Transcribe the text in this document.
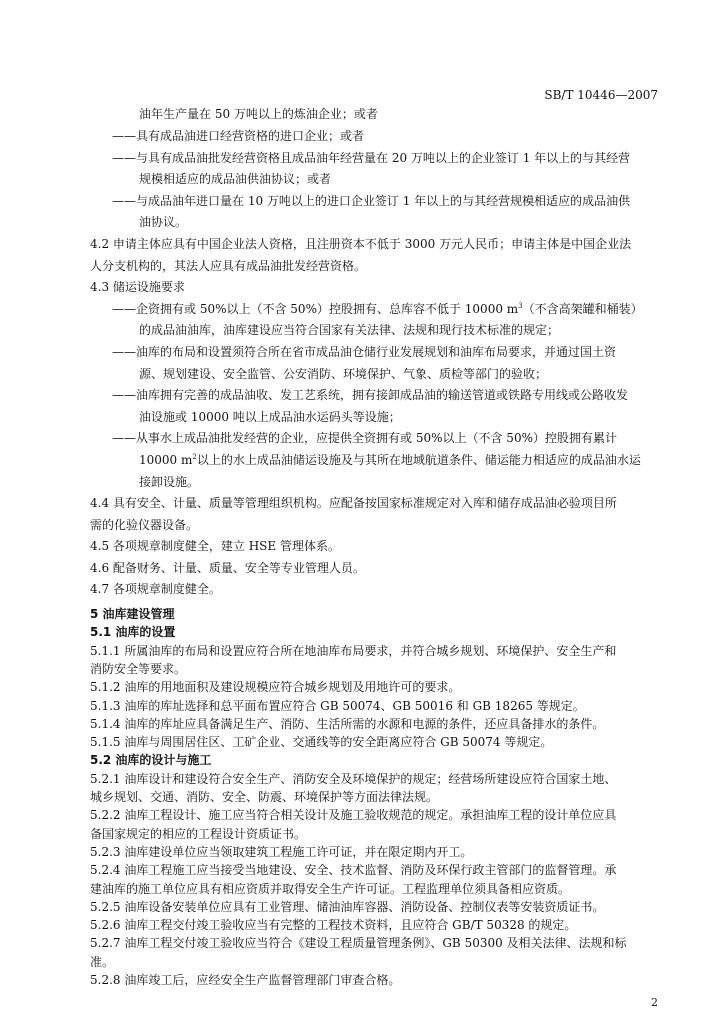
SB/T 10446—2007
油年生产量在 50 万吨以上的炼油企业；或者
——具有成品油进口经营资格的进口企业；或者
——与具有成品油批发经营资格且成品油年经营量在 20 万吨以上的企业签订 1 年以上的与其经营
规模相适应的成品油供油协议；或者
——与成品油年进口量在 10 万吨以上的进口企业签订 1 年以上的与其经营规模相适应的成品油供
油协议。
4.2 申请主体应具有中国企业法人资格，且注册资本不低于 3000 万元人民币；申请主体是中国企业法
人分支机构的，其法人应具有成品油批发经营资格。
4.3 储运设施要求
——企资拥有或 50%以上（不含 50%）控股拥有、总库容不低于 10000 $m^3$（不含高架罐和桶装）
的成品油油库，油库建设应当符合国家有关法律、法规和现行技术标准的规定；
——油库的布局和设置须符合所在省市成品油仓储行业发展规划和油库布局要求，并通过国土资
源、规划建设、安全监管、公安消防、环境保护、气象、质检等部门的验收；
——油库拥有完善的成品油收、发工艺系统，拥有接卸成品油的输送管道或铁路专用线或公路收发
油设施或 10000 吨以上成品油水运码头等设施；
——从事水上成品油批发经营的企业，应提供全资拥有或 50%以上（不含 50%）控股拥有累计
10000 $m^2$以上的水上成品油储运设施及与其所在地域航道条件、储运能力相适应的成品油水运
接卸设施。
4.4 具有安全、计量、质量等管理组织机构。应配备按国家标准规定对入库和储存成品油必验项目所
需的化验仪器设备。
4.5 各项规章制度健全，建立 HSE 管理体系。
4.6 配备财务、计量、质量、安全等专业管理人员。
4.7 各项规章制度健全。
5 油库建设管理
5.1 油库的设置
5.1.1 所属油库的布局和设置应符合所在地油库布局要求，并符合城乡规划、环境保护、安全生产和
消防安全等要求。
5.1.2 油库的用地面积及建设规模应符合城乡规划及用地许可的要求。
5.1.3 油库的库址选择和总平面布置应符合 GB 50074、GB 50016 和 GB 18265 等规定。
5.1.4 油库的库址应具备满足生产、消防、生活所需的水源和电源的条件，还应具备排水的条件。
5.1.5 油库与周围居住区、工矿企业、交通线等的安全距离应符合 GB 50074 等规定。
5.2 油库的设计与施工
5.2.1 油库设计和建设符合安全生产、消防安全及环境保护的规定；经营场所建设应符合国家土地、
城乡规划、交通、消防、安全、防震、环境保护等方面法律法规。
5.2.2 油库工程设计、施工应当符合相关设计及施工验收规范的规定。承担油库工程的设计单位应具
备国家规定的相应的工程设计资质证书。
5.2.3 油库建设单位应当领取建筑工程施工许可证，并在限定期内开工。
5.2.4 油库工程施工应当接受当地建设、安全、技术监督、消防及环保行政主管部门的监督管理。承
建油库的施工单位应具有相应资质并取得安全生产许可证。工程监理单位须具备相应资质。
5.2.5 油库设备安装单位应具有工业管理、储油油库容器、消防设备、控制仪表等安装资质证书。
5.2.6 油库工程交付竣工验收应当有完整的工程技术资料，且应符合 GB/T 50328 的规定。
5.2.7 油库工程交付竣工验收应当符合《建设工程质量管理条例》、GB 50300 及相关法律、法规和标
准。
5.2.8 油库竣工后，应经安全生产监督管理部门审查合格。
2
